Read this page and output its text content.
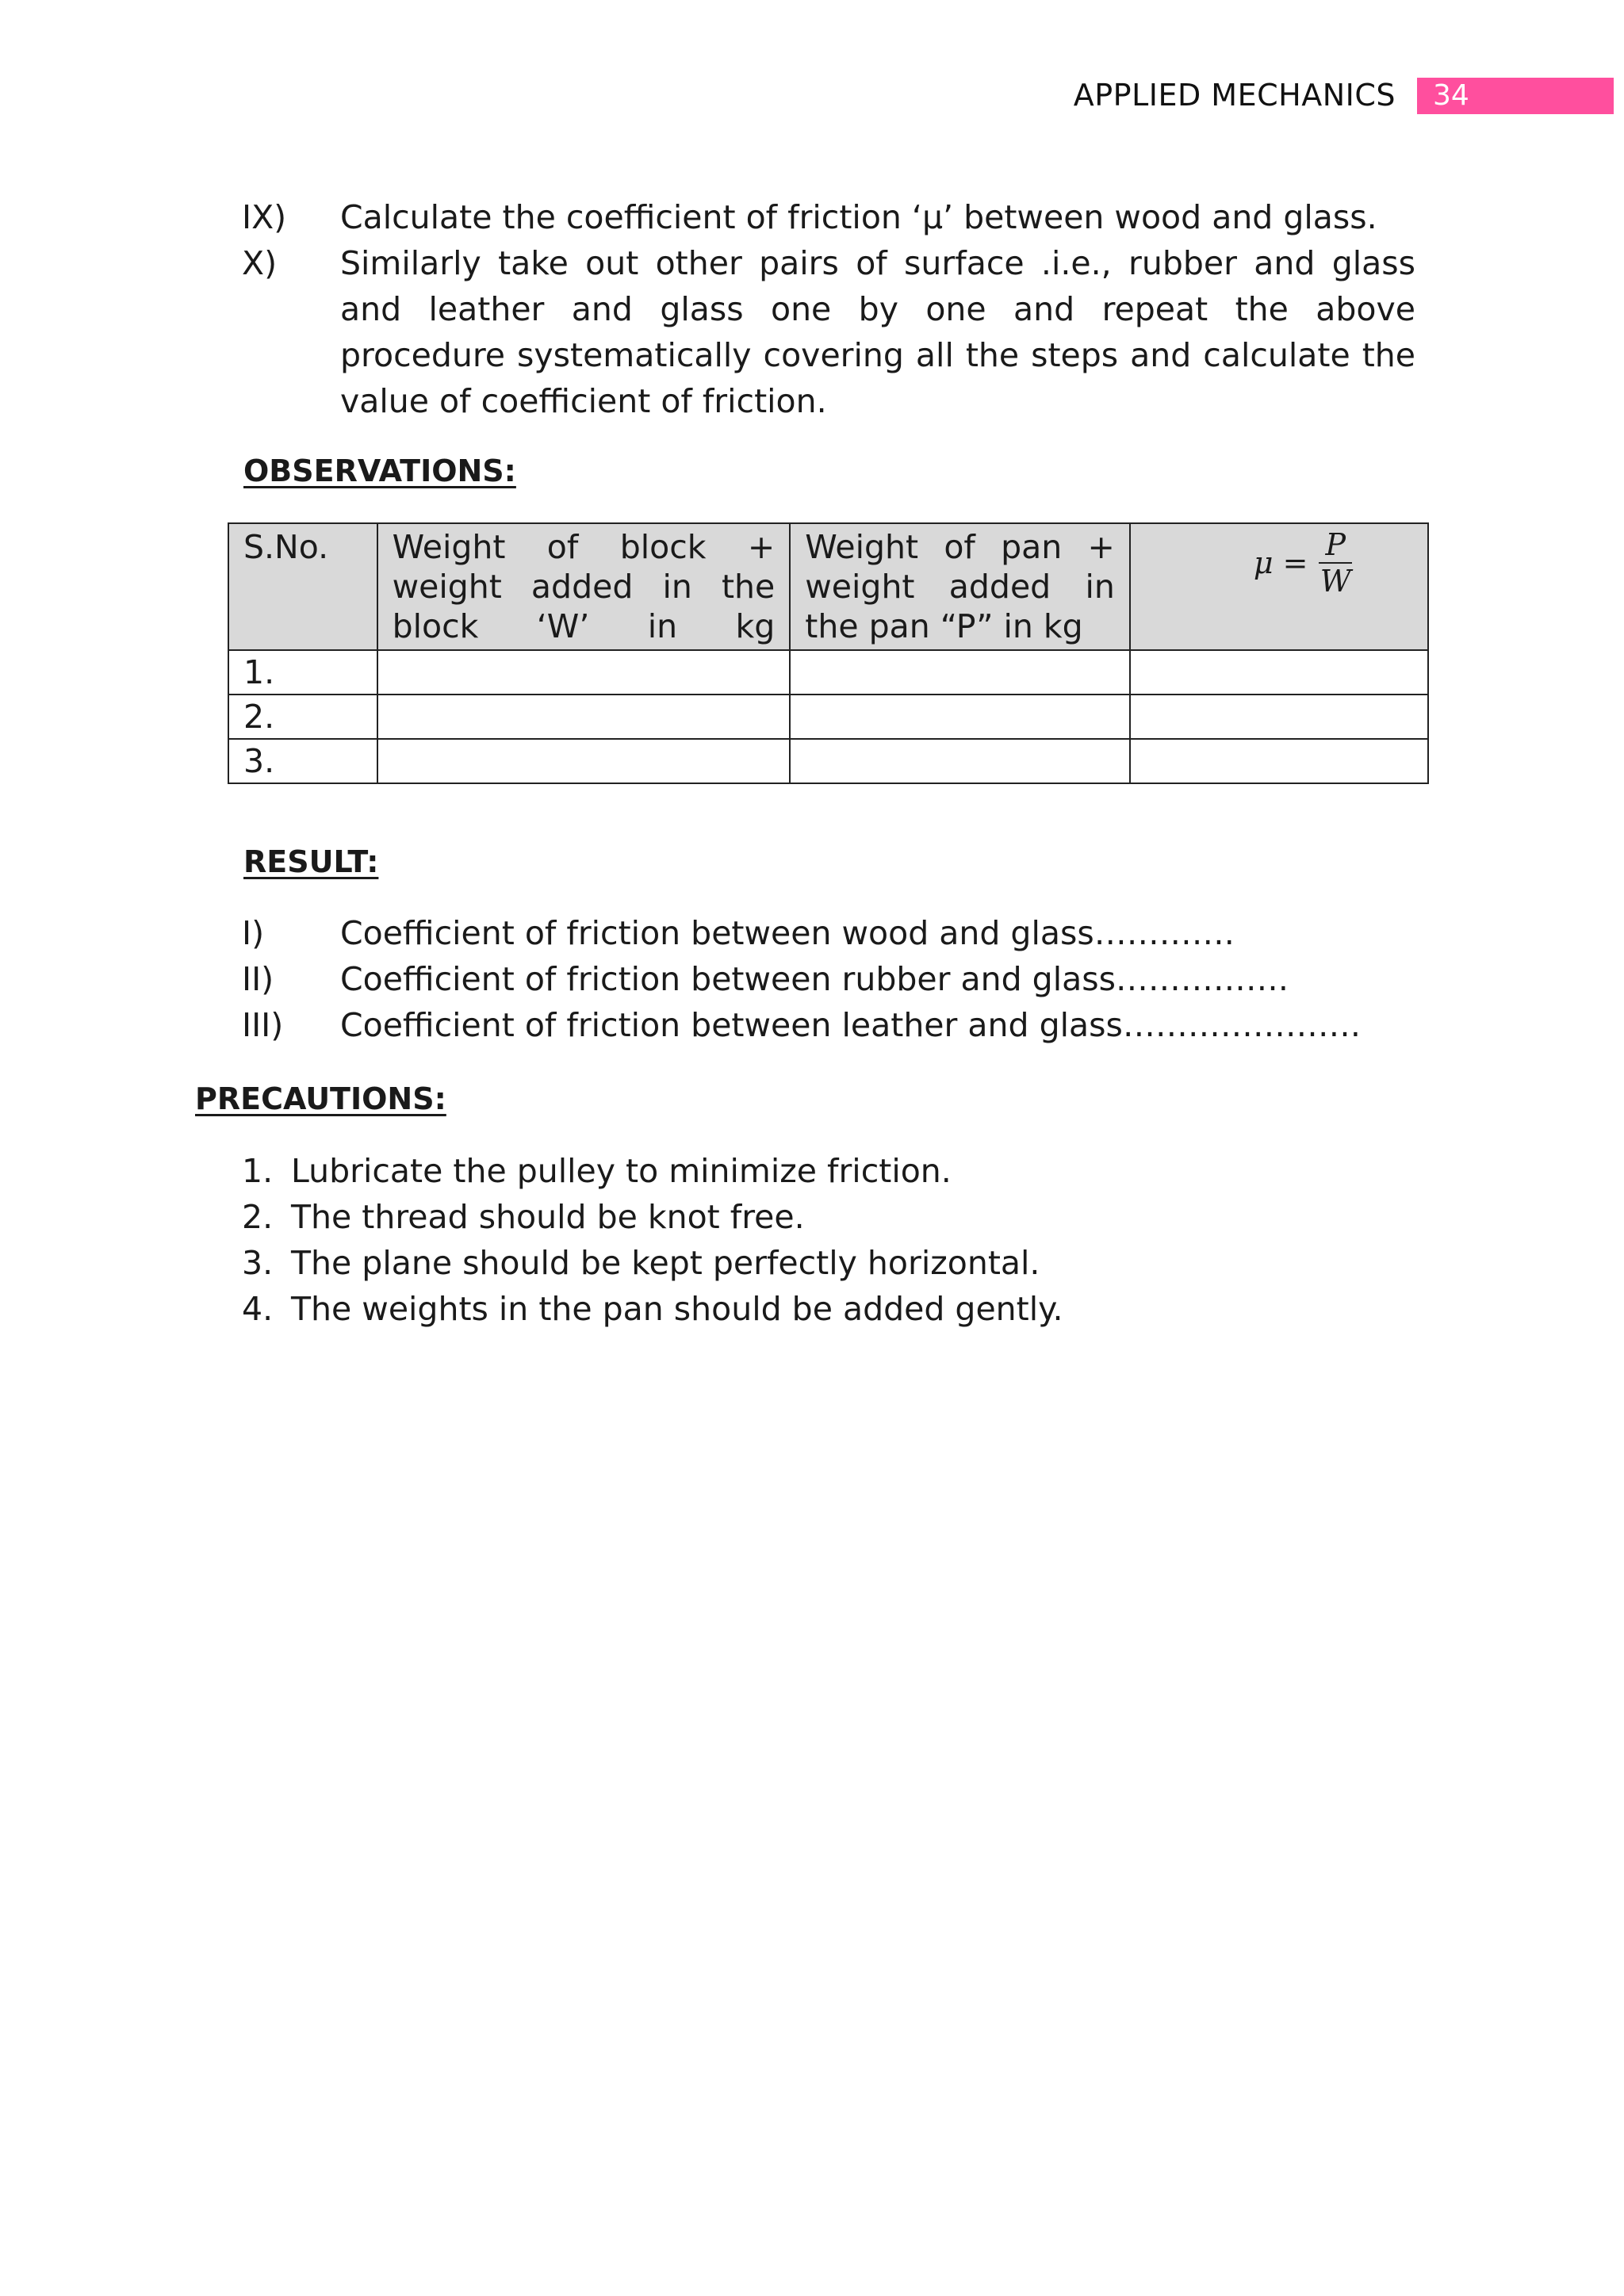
APPLIED MECHANICS	34
IX)	Calculate the coefficient of friction ‘μ’ between wood and glass.
X)	Similarly take out other pairs of surface .i.e., rubber and glass and leather and glass one by one and repeat the above procedure systematically covering all the steps and calculate the value of coefficient of friction.
OBSERVATIONS:
S.No.	Weight of block + weight added in the block ‘W’ in kg	Weight of pan + weight added in the pan “P” in kg	$\mu = \frac{P}{W}$

1.			
2.			
3.			
RESULT:
I)	Coefficient of friction between wood and glass………….
II)	Coefficient of friction between rubber and glass…………….
III)	Coefficient of friction between leather and glass………………….
PRECAUTIONS:
1. Lubricate the pulley to minimize friction.
2. The thread should be knot free.
3. The plane should be kept perfectly horizontal.
4. The weights in the pan should be added gently.
